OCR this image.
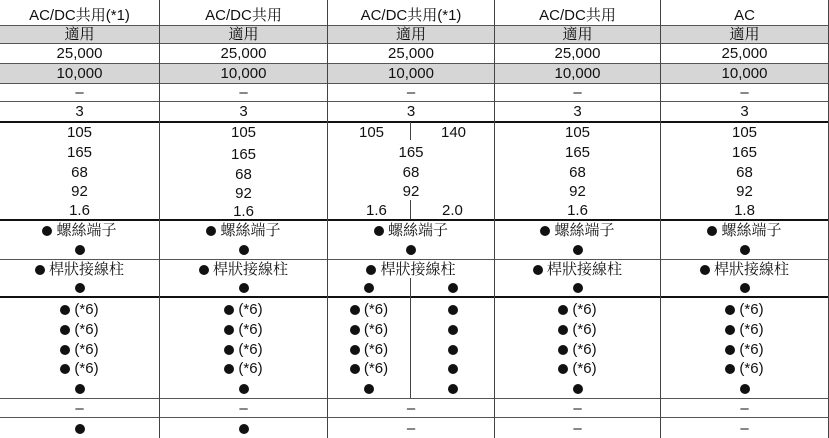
AC/DC共用(*1)
適用
25,000
10,000
–
3
105
165
68
92
1.6
螺絲端子
桿狀接線柱
(*6)
(*6)
(*6)
(*6)
–
AC/DC共用
適用
25,000
10,000
–
3
105
165
68
92
1.6
螺絲端子
桿狀接線柱
(*6)
(*6)
(*6)
(*6)
–
AC/DC共用(*1)
適用
25,000
10,000
–
3
105	140
165
68
92
1.6	2.0
螺絲端子
桿狀接線柱
(*6)
(*6)
(*6)
(*6)
–
–
AC/DC共用
適用
25,000
10,000
–
3
105
165
68
92
1.6
螺絲端子
桿狀接線柱
(*6)
(*6)
(*6)
(*6)
–
–
AC
適用
25,000
10,000
–
3
105
165
68
92
1.8
螺絲端子
桿狀接線柱
(*6)
(*6)
(*6)
(*6)
–
–
